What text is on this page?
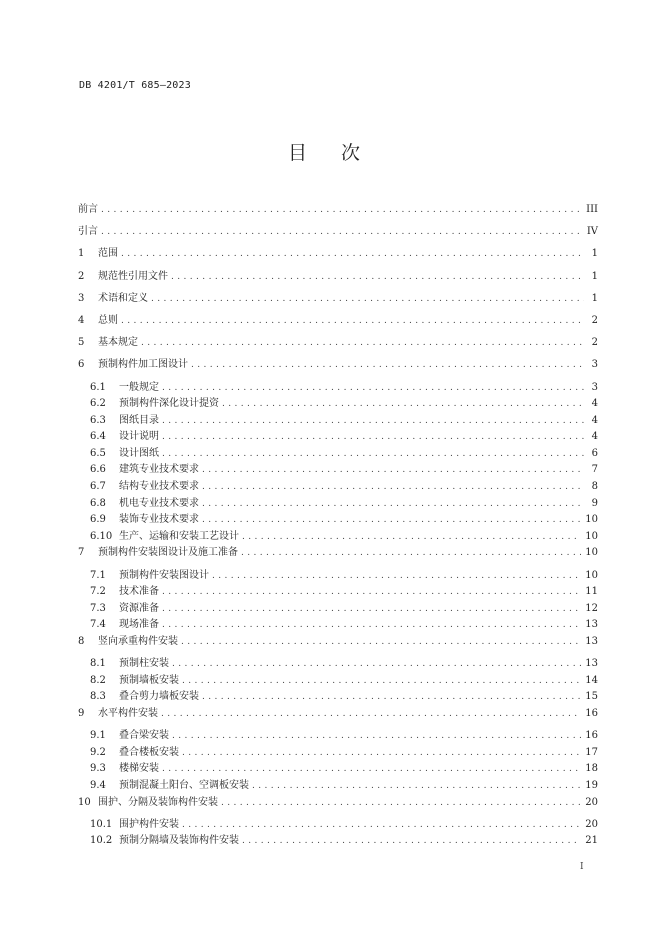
DB 4201/T 685—2023
目 次
前言 .....	III
引言 .....	IV
1	范围 .....	1
2	规范性引用文件 .....	1
3	术语和定义 .....	1
4	总则 .....	2
5	基本规定 .....	2
6	预制构件加工图设计 .....	3
6.1	一般规定 .....	3
6.2	预制构件深化设计提资 .....	4
6.3	图纸目录 .....	4
6.4	设计说明 .....	4
6.5	设计图纸 .....	6
6.6	建筑专业技术要求 .....	7
6.7	结构专业技术要求 .....	8
6.8	机电专业技术要求 .....	9
6.9	装饰专业技术要求 .....	10
6.10 生产、运输和安装工艺设计 .....	10
7	预制构件安装图设计及施工准备 .....	10
7.1	预制构件安装图设计 .....	10
7.2	技术准备 .....	11
7.3	资源准备 .....	12
7.4	现场准备 .....	13
8	竖向承重构件安装 .....	13
8.1	预制柱安装 .....	13
8.2	预制墙板安装 .....	14
8.3	叠合剪力墙板安装 .....	15
9	水平构件安装 .....	16
9.1	叠合梁安装 .....	16
9.2	叠合楼板安装 .....	17
9.3	楼梯安装 .....	18
9.4	预制混凝土阳台、空调板安装 .....	19
10 围护、分隔及装饰构件安装 .....	20
10.1 围护构件安装 .....	20
10.2 预制分隔墙及装饰构件安装 .....	21
I
